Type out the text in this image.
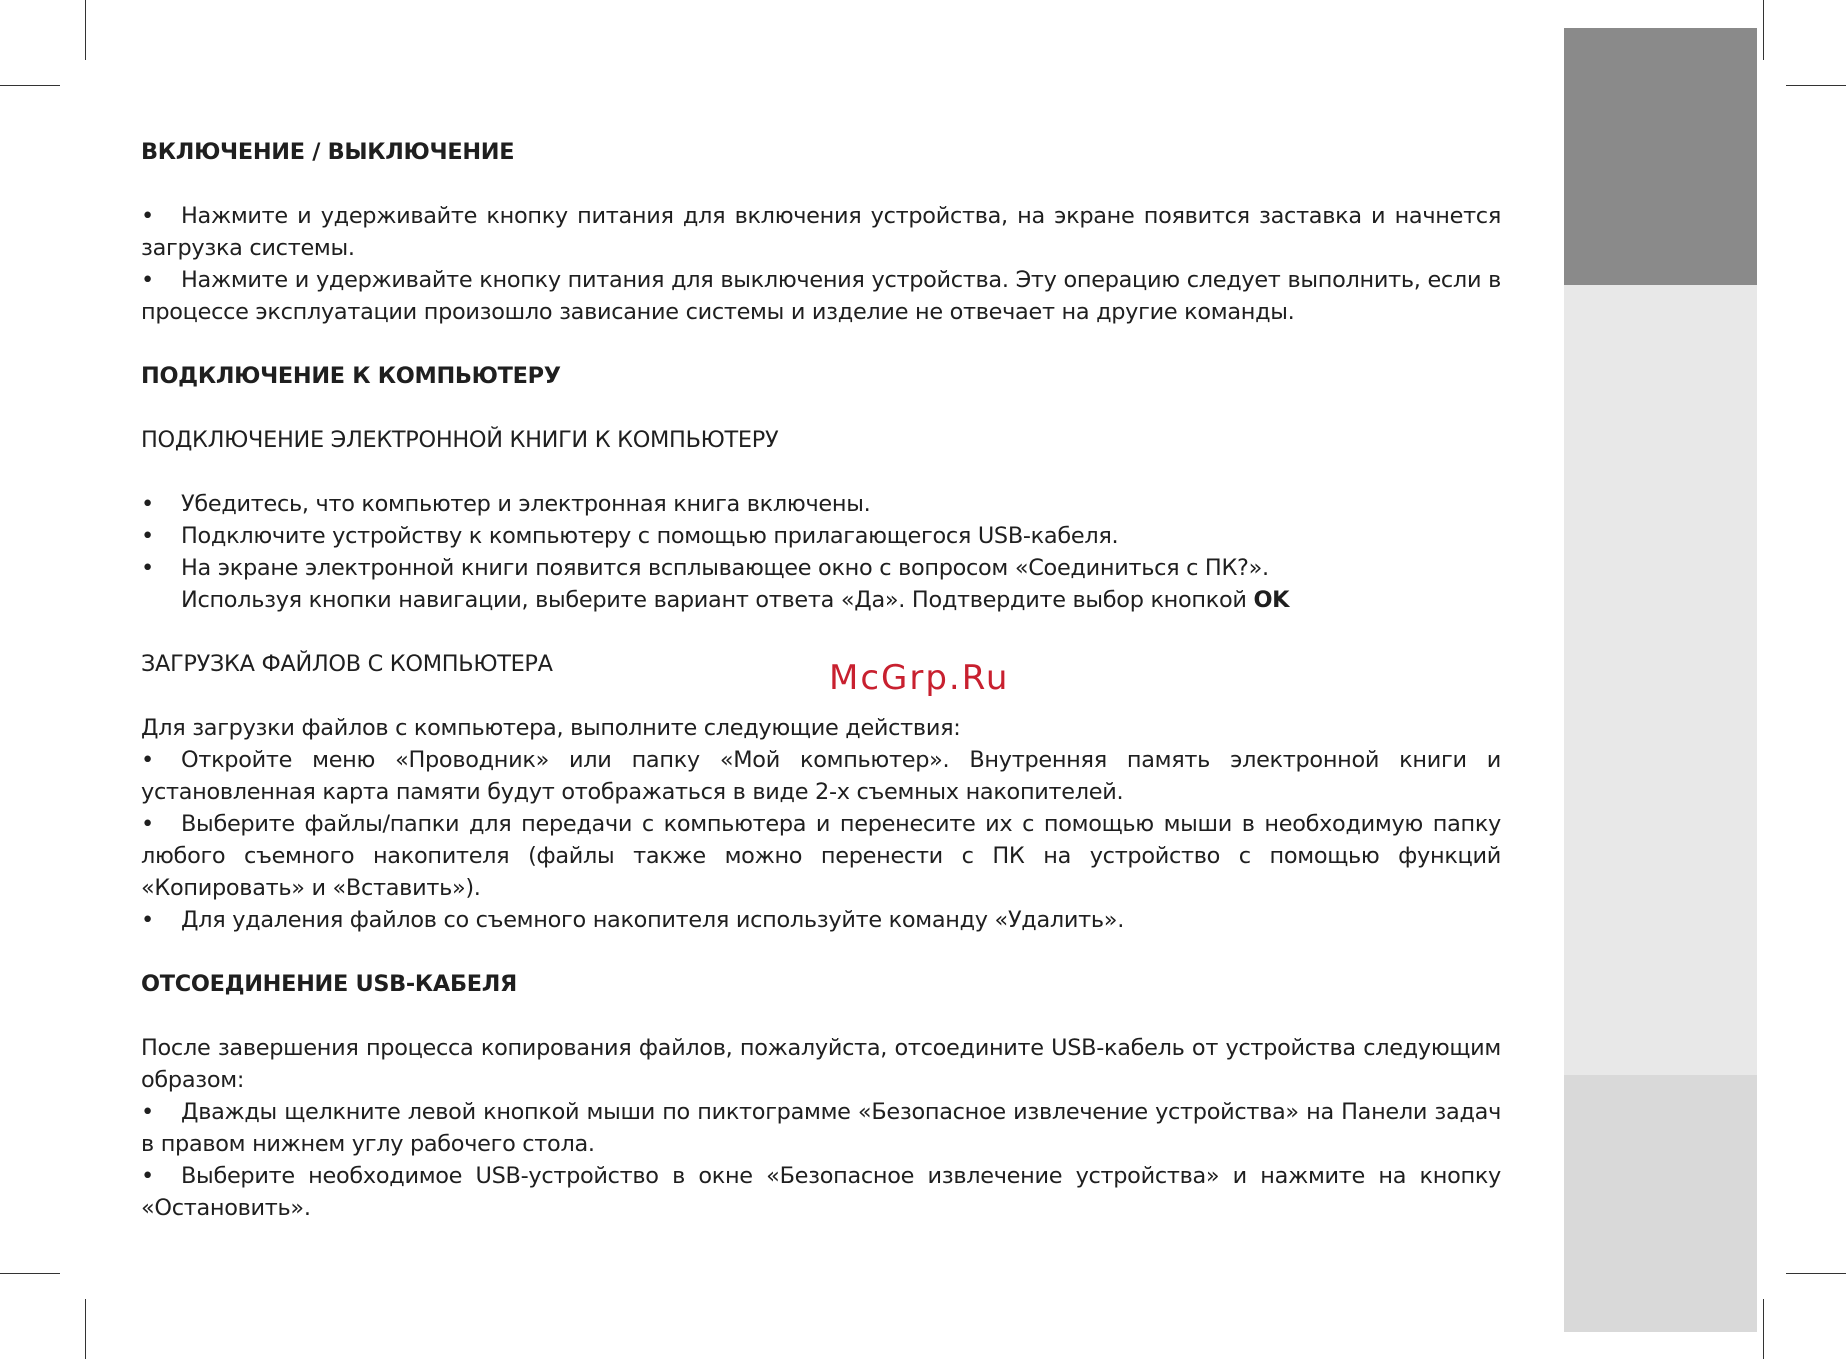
McGrp.Ru

ВКЛЮЧЕНИЕ / ВЫКЛЮЧЕНИЕ

• Нажмите и удерживайте кнопку питания для включения устройства, на экране появится заставка и начнется загрузка системы.

• Нажмите и удерживайте кнопку питания для выключения устройства. Эту операцию следует выполнить, если в процессе эксплуатации произошло зависание системы и изделие не отвечает на другие команды.

ПОДКЛЮЧЕНИЕ К КОМПЬЮТЕРУ

ПОДКЛЮЧЕНИЕ ЭЛЕКТРОННОЙ КНИГИ К КОМПЬЮТЕРУ

• Убедитесь, что компьютер и электронная книга включены.
• Подключите устройству к компьютеру с помощью прилагающегося USB-кабеля.
• На экране электронной книги появится всплывающее окно с вопросом «Соединиться с ПК?».
Используя кнопки навигации, выберите вариант ответа «Да». Подтвердите выбор кнопкой OK

ЗАГРУЗКА ФАЙЛОВ С КОМПЬЮТЕРА

Для загрузки файлов с компьютера, выполните следующие действия:

• Откройте меню «Проводник» или папку «Мой компьютер». Внутренняя память электронной книги и установленная карта памяти будут отображаться в виде 2-х съемных накопителей.

• Выберите файлы/папки для передачи с компьютера и перенесите их с помощью мыши в необходимую папку любого съемного накопителя (файлы также можно перенести с ПК на устройство с помощью функций «Копировать» и «Вставить»).

• Для удаления файлов со съемного накопителя используйте команду «Удалить».

ОТСОЕДИНЕНИЕ USB-КАБЕЛЯ

После завершения процесса копирования файлов, пожалуйста, отсоедините USB-кабель от устройства следующим образом:

• Дважды щелкните левой кнопкой мыши по пиктограмме «Безопасное извлечение устройства» на Панели задач в правом нижнем углу рабочего стола.

• Выберите необходимое USB-устройство в окне «Безопасное извлечение устройства» и нажмите на кнопку «Остановить».
